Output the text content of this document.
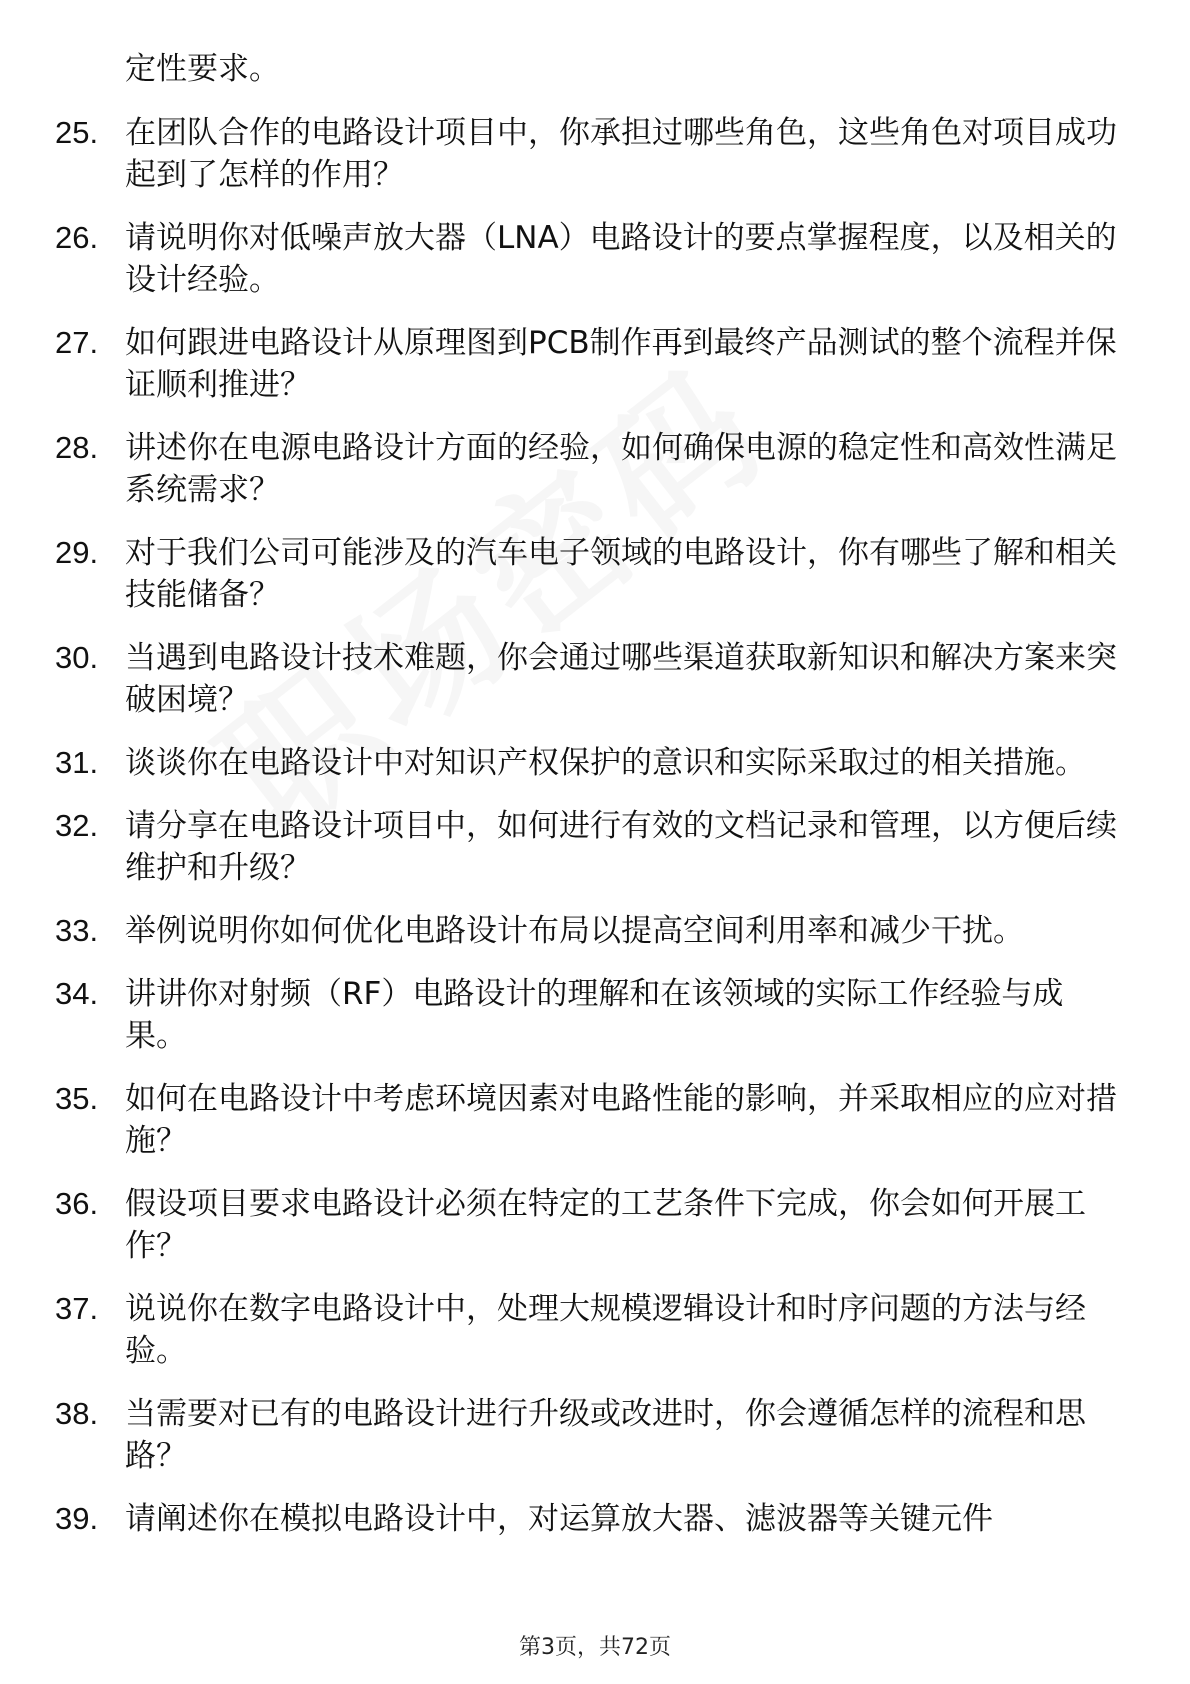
定性要求。
25. 在团队合作的电路设计项目中，你承担过哪些角色，这些角色对项目成功起到了怎样的作用？
26. 请说明你对低噪声放大器（LNA）电路设计的要点掌握程度，以及相关的设计经验。
27. 如何跟进电路设计从原理图到PCB制作再到最终产品测试的整个流程并保证顺利推进？
28. 讲述你在电源电路设计方面的经验，如何确保电源的稳定性和高效性满足系统需求？
29. 对于我们公司可能涉及的汽车电子领域的电路设计，你有哪些了解和相关技能储备？
30. 当遇到电路设计技术难题，你会通过哪些渠道获取新知识和解决方案来突破困境？
31. 谈谈你在电路设计中对知识产权保护的意识和实际采取过的相关措施。
32. 请分享在电路设计项目中，如何进行有效的文档记录和管理，以方便后续维护和升级？
33. 举例说明你如何优化电路设计布局以提高空间利用率和减少干扰。
34. 讲讲你对射频（RF）电路设计的理解和在该领域的实际工作经验与成果。
35. 如何在电路设计中考虑环境因素对电路性能的影响，并采取相应的应对措施？
36. 假设项目要求电路设计必须在特定的工艺条件下完成，你会如何开展工作？
37. 说说你在数字电路设计中，处理大规模逻辑设计和时序问题的方法与经验。
38. 当需要对已有的电路设计进行升级或改进时，你会遵循怎样的流程和思路？
39. 请阐述你在模拟电路设计中，对运算放大器、滤波器等关键元件
第3页，共72页
